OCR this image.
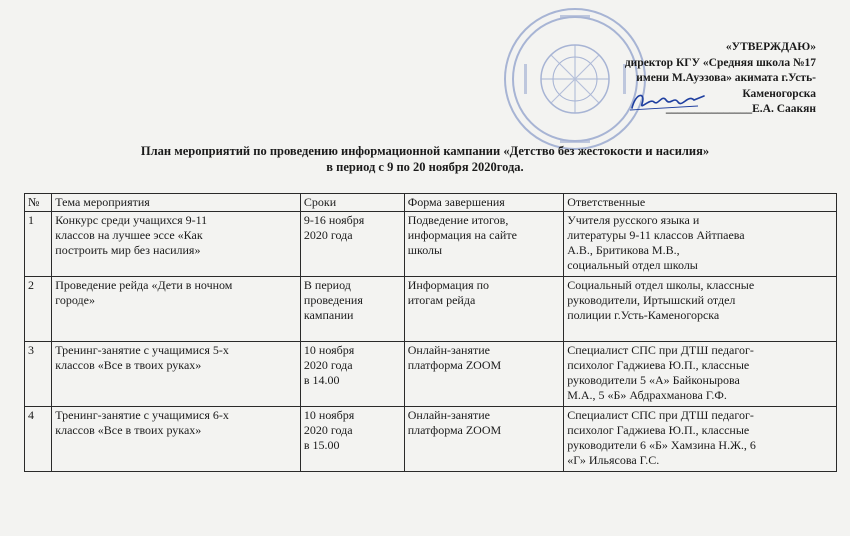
«УТВЕРЖДАЮ»
директор КГУ «Средняя школа №17
имени М.Ауэзова» акимата г.Усть-
Каменогорска
_______________Е.А. Саакян
План мероприятий по проведению информационной кампании «Детство без жестокости и насилия»
в период с 9 по 20 ноября 2020года.
№	Тема мероприятия	Сроки	Форма завершения	Ответственные
1	Конкурс среди учащихся 9-11
классов на лучшее эссе «Как
построить мир без насилия»	9-16 ноября
2020 года	Подведение итогов,
информация на сайте
школы	Учителя русского языка и
литературы 9-11 классов Айтпаева
А.В., Бритикова М.В.,
социальный отдел школы
2	Проведение рейда «Дети в ночном
городе»	В период
проведения
кампании	Информация по
итогам рейда	Социальный отдел школы, классные
руководители, Иртышский отдел
полиции г.Усть-Каменогорска
3	Тренинг-занятие с учащимися 5-х
классов «Все в твоих руках»	10 ноября
2020 года
в 14.00	Онлайн-занятие
платформа ZOOM	Специалист СПС при ДТШ педагог-
психолог Гаджиева Ю.П., классные
руководители 5 «А» Байконырова
М.А., 5 «Б» Абдрахманова Г.Ф.
4	Тренинг-занятие с учащимися 6-х
классов «Все в твоих руках»	10 ноября
2020 года
в 15.00	Онлайн-занятие
платформа ZOOM	Специалист СПС при ДТШ педагог-
психолог Гаджиева Ю.П., классные
руководители 6 «Б» Хамзина Н.Ж., 6
«Г» Ильясова Г.С.
